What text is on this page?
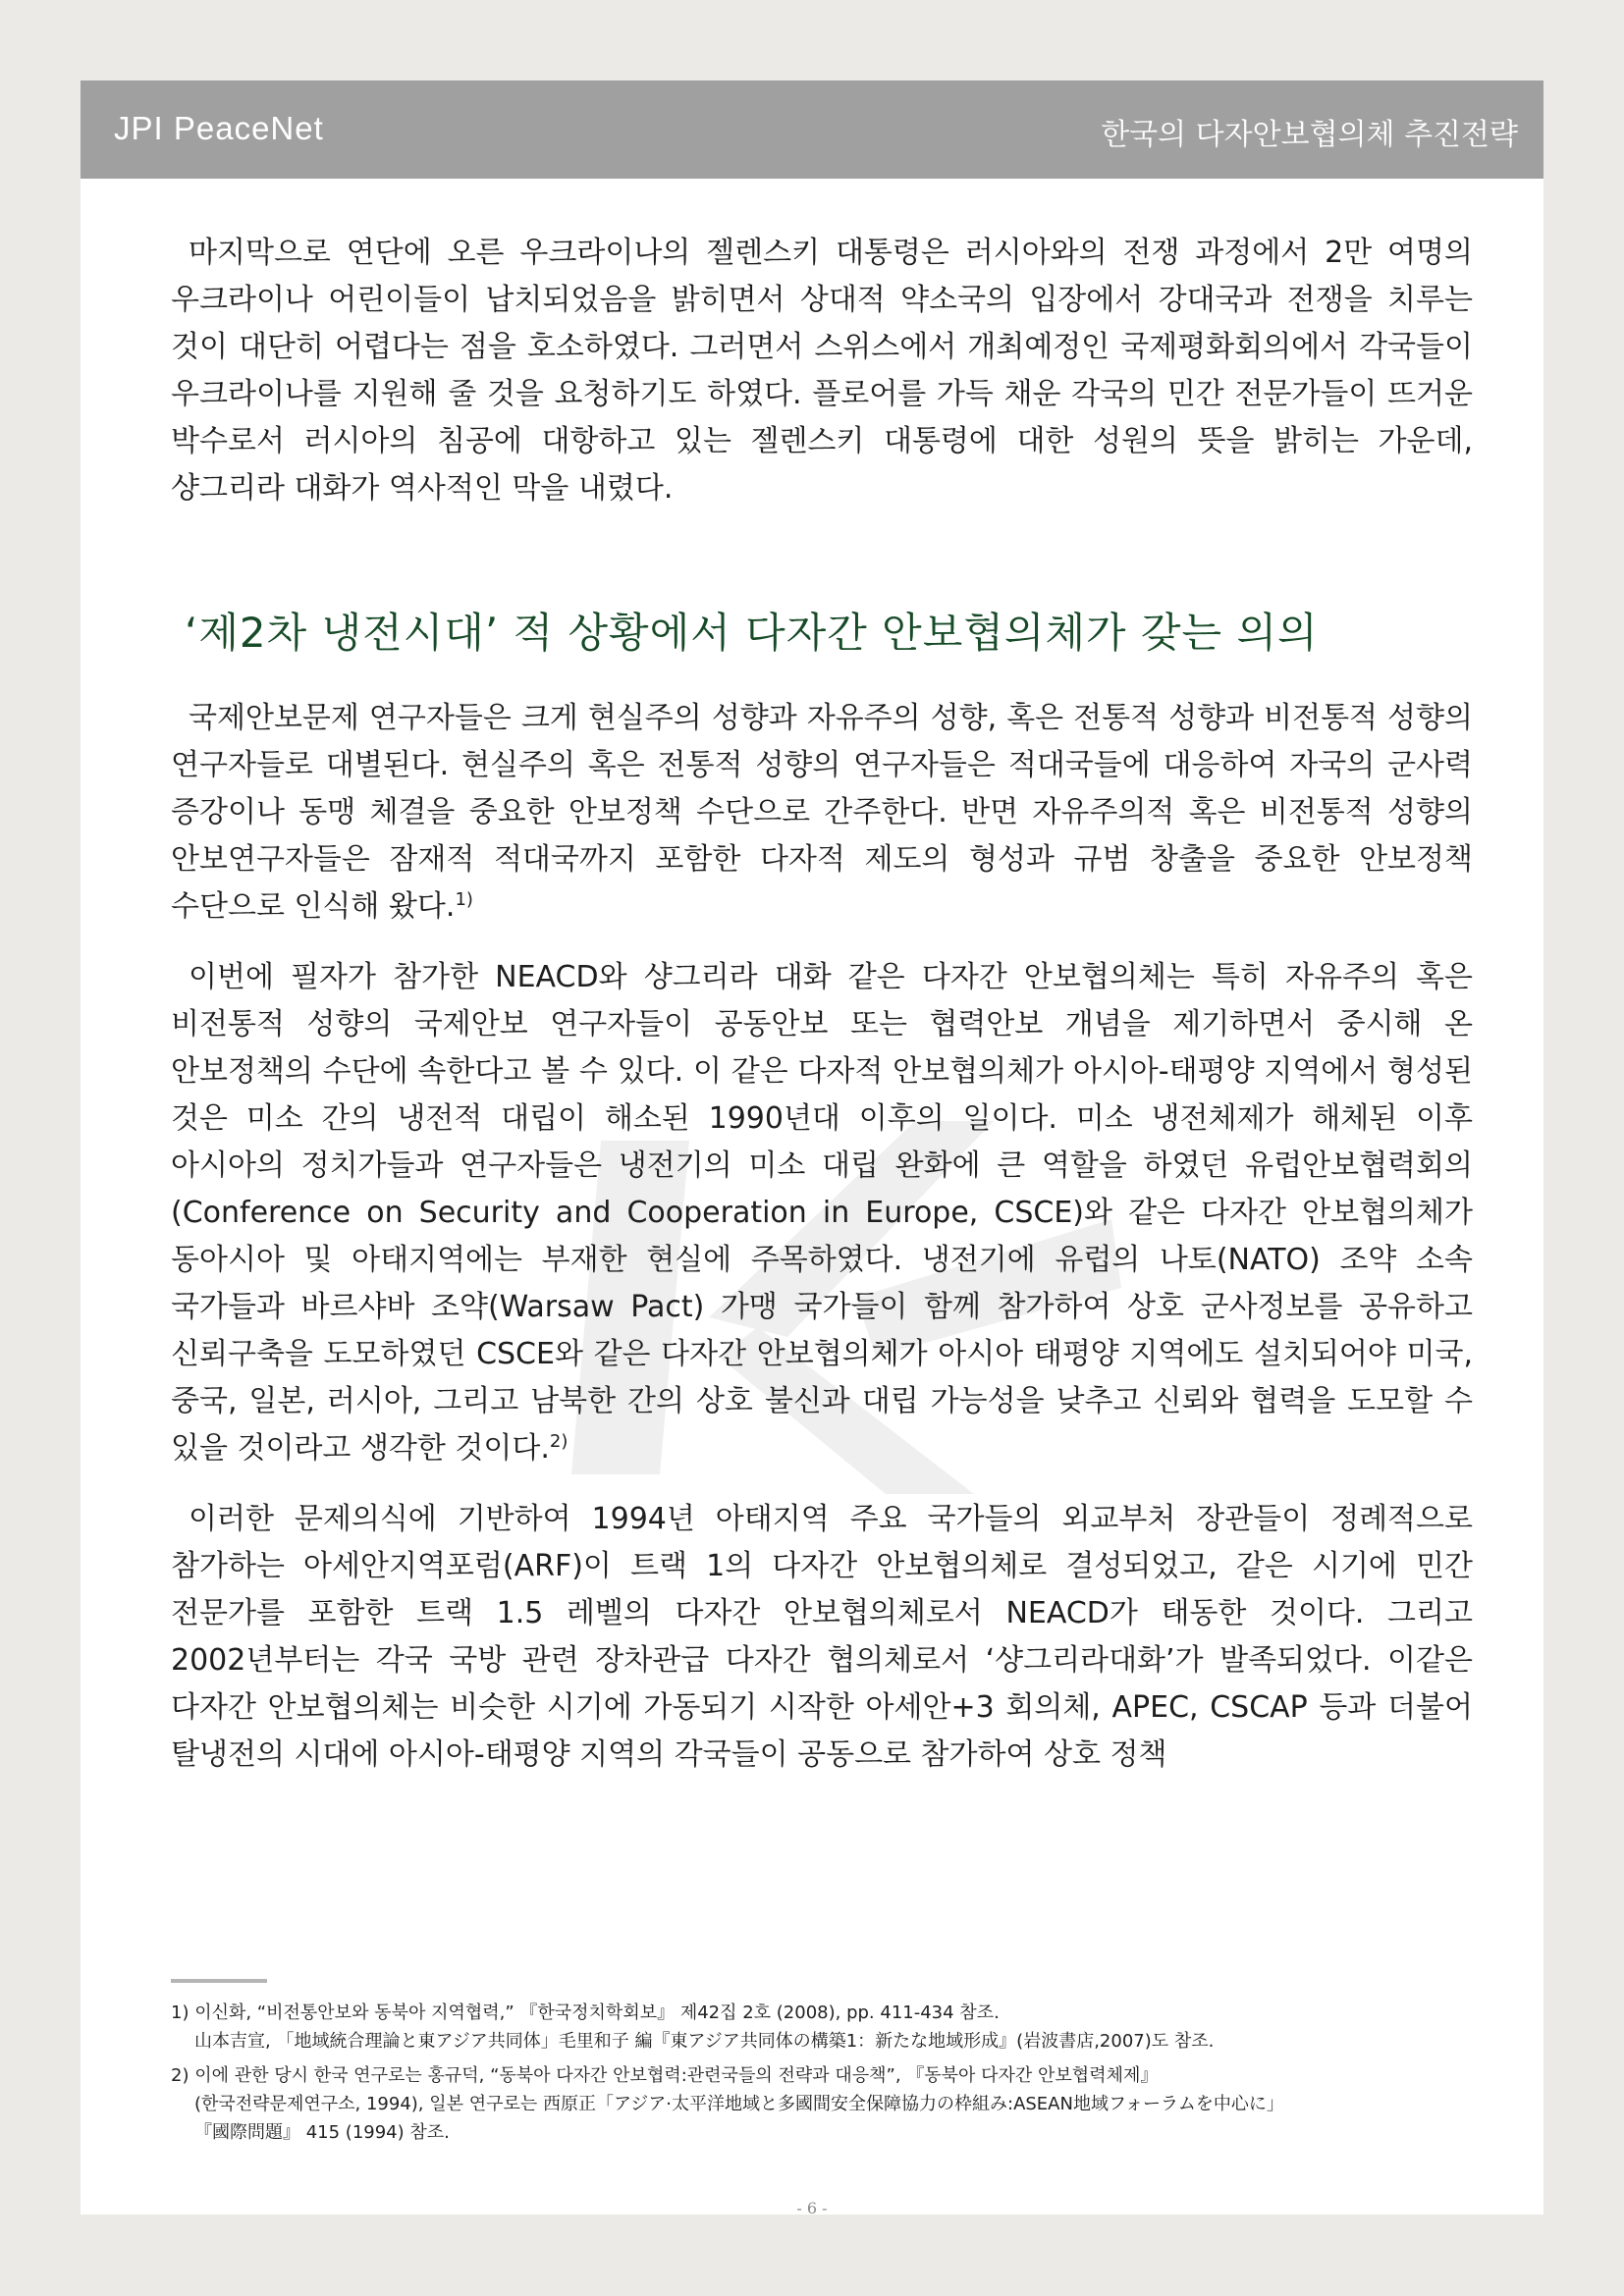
JPI PeaceNet	한국의 다자안보협의체 추진전략

마지막으로 연단에 오른 우크라이나의 젤렌스키 대통령은 러시아와의 전쟁 과정에서 2만 여명의 우크라이나 어린이들이 납치되었음을 밝히면서 상대적 약소국의 입장에서 강대국과 전쟁을 치루는 것이 대단히 어렵다는 점을 호소하였다. 그러면서 스위스에서 개최예정인 국제평화회의에서 각국들이 우크라이나를 지원해 줄 것을 요청하기도 하였다. 플로어를 가득 채운 각국의 민간 전문가들이 뜨거운 박수로서 러시아의 침공에 대항하고 있는 젤렌스키 대통령에 대한 성원의 뜻을 밝히는 가운데, 샹그리라 대화가 역사적인 막을 내렸다.

‘제2차 냉전시대’ 적 상황에서 다자간 안보협의체가 갖는 의의

국제안보문제 연구자들은 크게 현실주의 성향과 자유주의 성향, 혹은 전통적 성향과 비전통적 성향의 연구자들로 대별된다. 현실주의 혹은 전통적 성향의 연구자들은 적대국들에 대응하여 자국의 군사력 증강이나 동맹 체결을 중요한 안보정책 수단으로 간주한다. 반면 자유주의적 혹은 비전통적 성향의 안보연구자들은 잠재적 적대국까지 포함한 다자적 제도의 형성과 규범 창출을 중요한 안보정책 수단으로 인식해 왔다.$^{1)}$

이번에 필자가 참가한 NEACD와 샹그리라 대화 같은 다자간 안보협의체는 특히 자유주의 혹은 비전통적 성향의 국제안보 연구자들이 공동안보 또는 협력안보 개념을 제기하면서 중시해 온 안보정책의 수단에 속한다고 볼 수 있다. 이 같은 다자적 안보협의체가 아시아-태평양 지역에서 형성된 것은 미소 간의 냉전적 대립이 해소된 1990년대 이후의 일이다. 미소 냉전체제가 해체된 이후 아시아의 정치가들과 연구자들은 냉전기의 미소 대립 완화에 큰 역할을 하였던 유럽안보협력회의(Conference on Security and Cooperation in Europe, CSCE)와 같은 다자간 안보협의체가 동아시아 및 아태지역에는 부재한 현실에 주목하였다. 냉전기에 유럽의 나토(NATO) 조약 소속 국가들과 바르샤바 조약(Warsaw Pact) 가맹 국가들이 함께 참가하여 상호 군사정보를 공유하고 신뢰구축을 도모하였던 CSCE와 같은 다자간 안보협의체가 아시아 태평양 지역에도 설치되어야 미국, 중국, 일본, 러시아, 그리고 남북한 간의 상호 불신과 대립 가능성을 낮추고 신뢰와 협력을 도모할 수 있을 것이라고 생각한 것이다.$^{2)}$

이러한 문제의식에 기반하여 1994년 아태지역 주요 국가들의 외교부처 장관들이 정례적으로 참가하는 아세안지역포럼(ARF)이 트랙 1의 다자간 안보협의체로 결성되었고, 같은 시기에 민간 전문가를 포함한 트랙 1.5 레벨의 다자간 안보협의체로서 NEACD가 태동한 것이다. 그리고 2002년부터는 각국 국방 관련 장차관급 다자간 협의체로서 ‘샹그리라대화’가 발족되었다. 이같은 다자간 안보협의체는 비슷한 시기에 가동되기 시작한 아세안+3 회의체, APEC, CSCAP 등과 더불어 탈냉전의 시대에 아시아-태평양 지역의 각국들이 공동으로 참가하여 상호 정책

1) 이신화, “비전통안보와 동북아 지역협력,” 『한국정치학회보』 제42집 2호 (2008), pp. 411-434 참조.
山本吉宣, 「地域統合理論と東アジア共同体」毛里和子 編『東アジア共同体の構築1：新たな地域形成』(岩波書店,2007)도 참조.
2) 이에 관한 당시 한국 연구로는 홍규덕, “동북아 다자간 안보협력:관련국들의 전략과 대응책”, 『동북아 다자간 안보협력체제』
(한국전략문제연구소, 1994), 일본 연구로는 西原正「アジア·太平洋地域と多國間安全保障協力の枠組み:ASEAN地域フォーラムを中心に」
『國際問題』 415 (1994) 참조.
- 6 -
